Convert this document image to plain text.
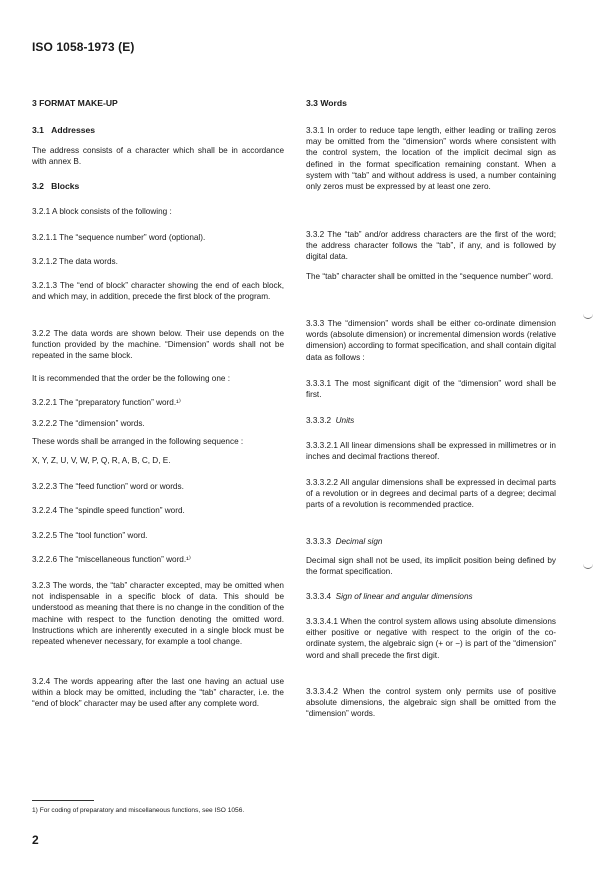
ISO 1058-1973 (E)

3 FORMAT MAKE-UP

3.1 Addresses

The address consists of a character which shall be in accordance with annex B.

3.2 Blocks

3.2.1 A block consists of the following :

3.2.1.1 The “sequence number” word (optional).

3.2.1.2 The data words.

3.2.1.3 The “end of block” character showing the end of each block, and which may, in addition, precede the first block of the program.

3.2.2 The data words are shown below. Their use depends on the function provided by the machine. “Dimension” words shall not be repeated in the same block.

It is recommended that the order be the following one :

3.2.2.1 The “preparatory function” word.¹⁾

3.2.2.2 The “dimension” words.

These words shall be arranged in the following sequence :

X, Y, Z, U, V, W, P, Q, R, A, B, C, D, E.

3.2.2.3 The “feed function” word or words.

3.2.2.4 The “spindle speed function” word.

3.2.2.5 The “tool function” word.

3.2.2.6 The “miscellaneous function” word.¹⁾

3.2.3 The words, the “tab” character excepted, may be omitted when not indispensable in a specific block of data. This should be understood as meaning that there is no change in the condition of the machine with respect to the function denoting the omitted word. Instructions which are inherently executed in a single block must be repeated whenever necessary, for example a tool change.

3.2.4 The words appearing after the last one having an actual use within a block may be omitted, including the “tab” character, i.e. the “end of block” character may be used after any complete word.

3.3 Words

3.3.1 In order to reduce tape length, either leading or trailing zeros may be omitted from the “dimension” words where consistent with the control system, the location of the implicit decimal sign as defined in the format specification remaining constant. When a system with “tab” and without address is used, a number containing only zeros must be expressed by at least one zero.

3.3.2 The “tab” and/or address characters are the first of the word; the address character follows the “tab”, if any, and is followed by digital data.

The “tab” character shall be omitted in the “sequence number” word.

3.3.3 The “dimension” words shall be either co-ordinate dimension words (absolute dimension) or incremental dimension words (relative dimension) according to format specification, and shall contain digital data as follows :

3.3.3.1 The most significant digit of the “dimension” word shall be first.

3.3.3.2 Units

3.3.3.2.1 All linear dimensions shall be expressed in millimetres or in inches and decimal fractions thereof.

3.3.3.2.2 All angular dimensions shall be expressed in decimal parts of a revolution or in degrees and decimal parts of a degree; decimal parts of a revolution is recommended practice.

3.3.3.3 Decimal sign

Decimal sign shall not be used, its implicit position being defined by the format specification.

3.3.3.4 Sign of linear and angular dimensions

3.3.3.4.1 When the control system allows using absolute dimensions either positive or negative with respect to the origin of the co-ordinate system, the algebraic sign (+ or −) is part of the “dimension” word and shall precede the first digit.

3.3.3.4.2 When the control system only permits use of positive absolute dimensions, the algebraic sign shall be omitted from the “dimension” words.

1) For coding of preparatory and miscellaneous functions, see ISO 1056.
2
